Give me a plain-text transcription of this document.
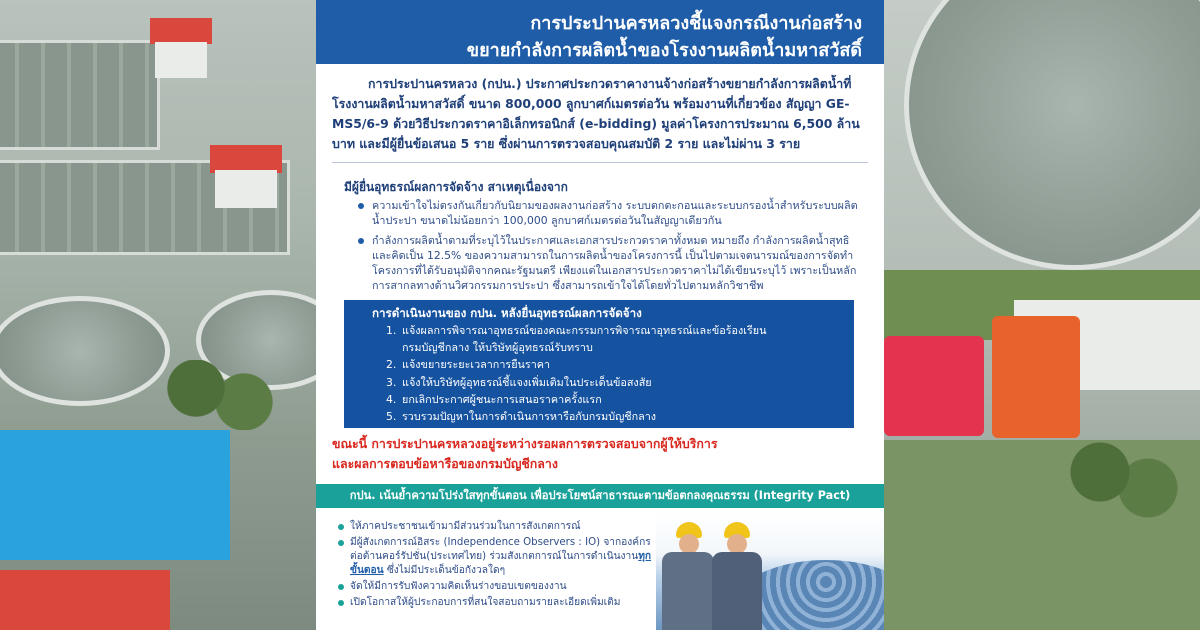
การประปานครหลวงชี้แจงกรณีงานก่อสร้าง
ขยายกำลังการผลิตน้ำของโรงงานผลิตน้ำมหาสวัสดิ์

การประปานครหลวง (กปน.) ประกาศประกวดราคางานจ้างก่อสร้างขยายกำลังการผลิตน้ำที่โรงงานผลิตน้ำมหาสวัสดิ์ ขนาด 800,000 ลูกบาศก์เมตรต่อวัน พร้อมงานที่เกี่ยวข้อง สัญญา GE-MS5/6-9 ด้วยวิธีประกวดราคาอิเล็กทรอนิกส์ (e-bidding) มูลค่าโครงการประมาณ 6,500 ล้านบาท และมีผู้ยื่นข้อเสนอ 5 ราย ซึ่งผ่านการตรวจสอบคุณสมบัติ 2 ราย และไม่ผ่าน 3 ราย

มีผู้ยื่นอุทธรณ์ผลการจัดจ้าง สาเหตุเนื่องจาก
ความเข้าใจไม่ตรงกันเกี่ยวกับนิยามของผลงานก่อสร้าง ระบบตกตะกอนและระบบกรองน้ำสำหรับระบบผลิตน้ำประปา ขนาดไม่น้อยกว่า 100,000 ลูกบาศก์เมตรต่อวันในสัญญาเดียวกัน
กำลังการผลิตน้ำตามที่ระบุไว้ในประกาศและเอกสารประกวดราคาทั้งหมด หมายถึง กำลังการผลิตน้ำสุทธิและคิดเป็น 12.5% ของความสามารถในการผลิตน้ำของโครงการนี้ เป็นไปตามเจตนารมณ์ของการจัดทำโครงการที่ได้รับอนุมัติจากคณะรัฐมนตรี เพียงแต่ในเอกสารประกวดราคาไม่ได้เขียนระบุไว้ เพราะเป็นหลักการสากลทางด้านวิศวกรรมการประปา ซึ่งสามารถเข้าใจได้โดยทั่วไปตามหลักวิชาชีพ
การดำเนินงานของ กปน. หลังยื่นอุทธรณ์ผลการจัดจ้าง
1. แจ้งผลการพิจารณาอุทธรณ์ของคณะกรรมการพิจารณาอุทธรณ์และข้อร้องเรียน
กรมบัญชีกลาง ให้บริษัทผู้อุทธรณ์รับทราบ
2. แจ้งขยายระยะเวลาการยืนราคา
3. แจ้งให้บริษัทผู้อุทธรณ์ชี้แจงเพิ่มเติมในประเด็นข้อสงสัย
4. ยกเลิกประกาศผู้ชนะการเสนอราคาครั้งแรก
5. รวบรวมปัญหาในการดำเนินการหารือกับกรมบัญชีกลาง
ขณะนี้ การประปานครหลวงอยู่ระหว่างรอผลการตรวจสอบจากผู้ให้บริการ
และผลการตอบข้อหารือของกรมบัญชีกลาง
กปน. เน้นย้ำความโปร่งใสทุกขั้นตอน เพื่อประโยชน์สาธารณะตามข้อตกลงคุณธรรม (Integrity Pact)
ให้ภาคประชาชนเข้ามามีส่วนร่วมในการสังเกตการณ์
มีผู้สังเกตการณ์อิสระ (Independence Observers : IO) จากองค์กรต่อต้านคอร์รัปชั่น(ประเทศไทย) ร่วมสังเกตการณ์ในการดำเนินงานทุกขั้นตอน ซึ่งไม่มีประเด็นข้อกังวลใดๆ
จัดให้มีการรับฟังความคิดเห็นร่างขอบเขตของงาน
เปิดโอกาสให้ผู้ประกอบการที่สนใจสอบถามรายละเอียดเพิ่มเติม
